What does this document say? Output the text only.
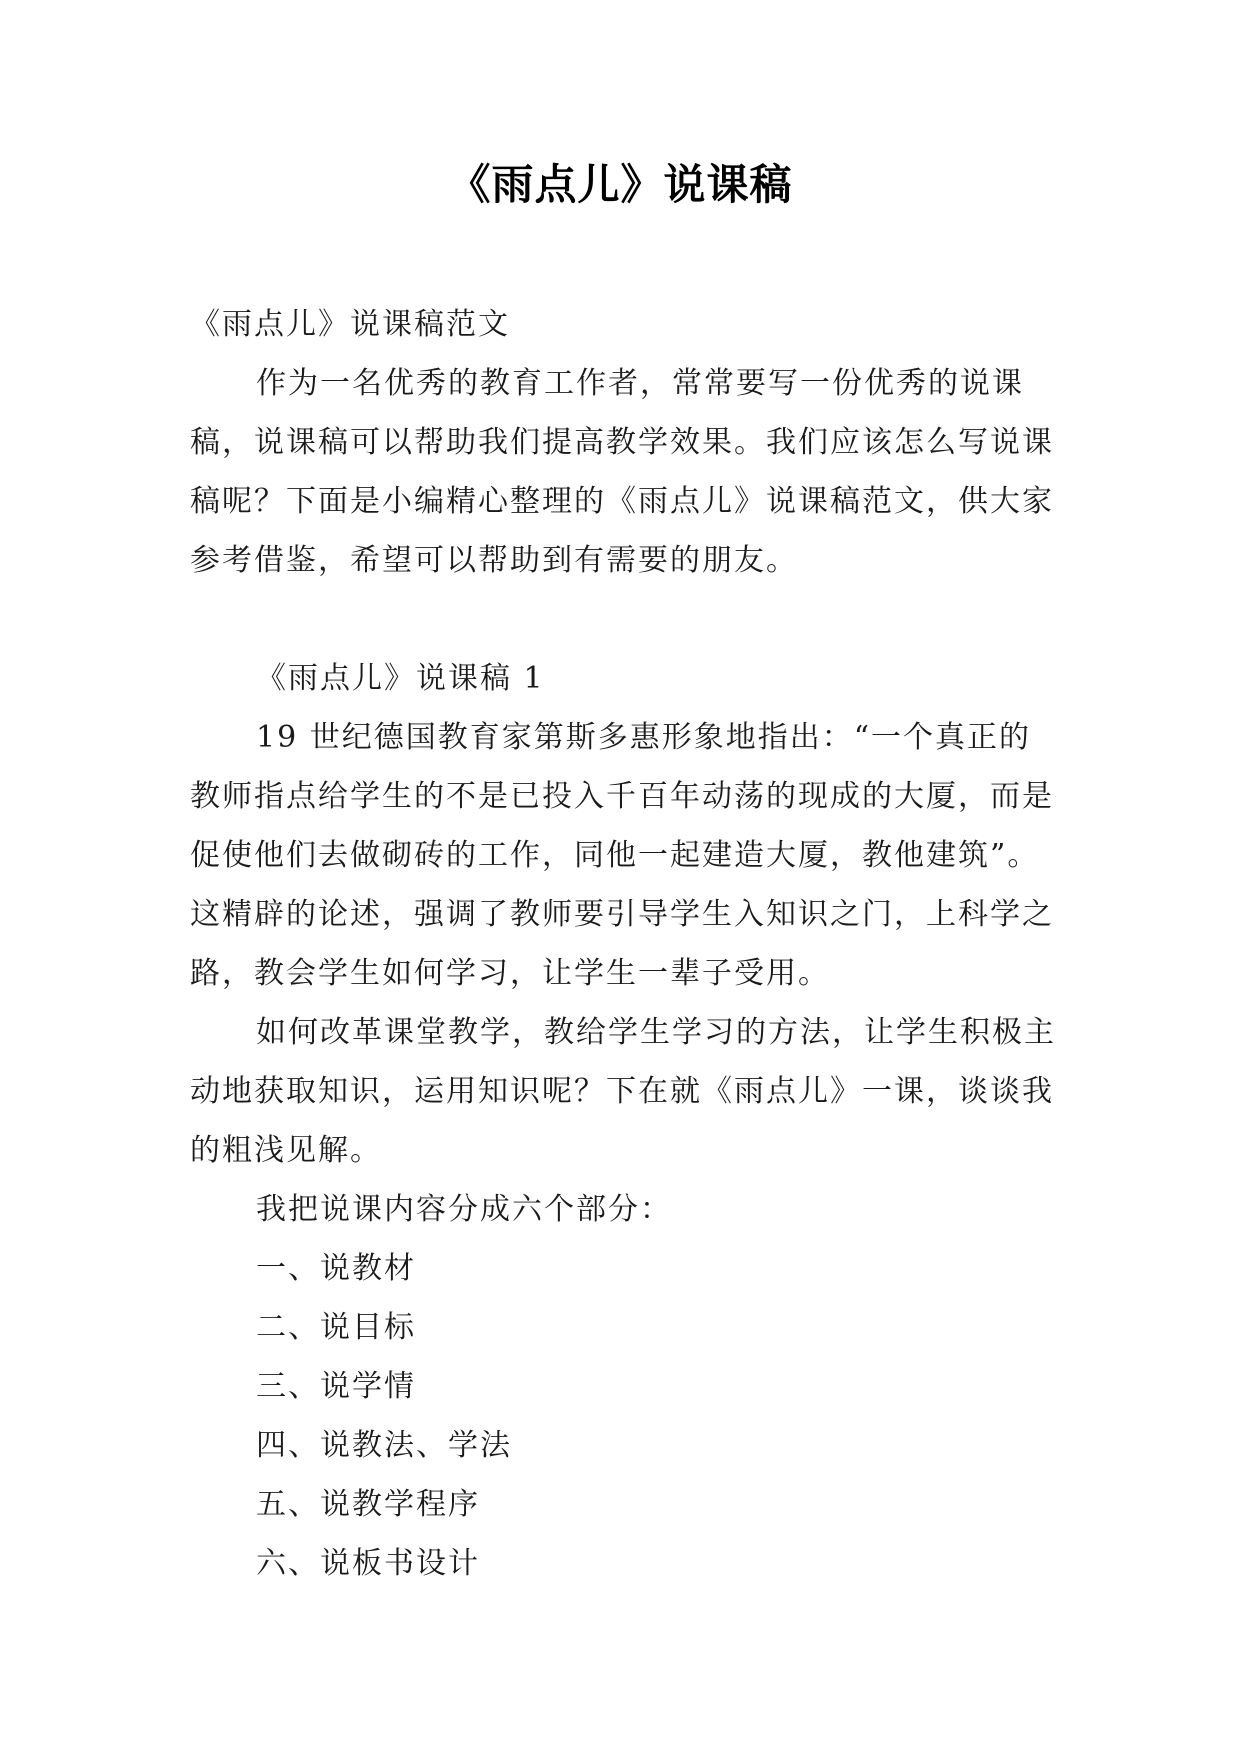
《雨点儿》说课稿

《雨点儿》说课稿范文

作为一名优秀的教育工作者，常常要写一份优秀的说课稿，说课稿可以帮助我们提高教学效果。我们应该怎么写说课稿呢？下面是小编精心整理的《雨点儿》说课稿范文，供大家参考借鉴，希望可以帮助到有需要的朋友。

《雨点儿》说课稿 1

19 世纪德国教育家第斯多惠形象地指出：“一个真正的教师指点给学生的不是已投入千百年动荡的现成的大厦，而是促使他们去做砌砖的工作，同他一起建造大厦，教他建筑”。这精辟的论述，强调了教师要引导学生入知识之门，上科学之路，教会学生如何学习，让学生一辈子受用。

如何改革课堂教学，教给学生学习的方法，让学生积极主动地获取知识，运用知识呢？下在就《雨点儿》一课，谈谈我的粗浅见解。

我把说课内容分成六个部分：

一、说教材

二、说目标

三、说学情

四、说教法、学法

五、说教学程序

六、说板书设计
